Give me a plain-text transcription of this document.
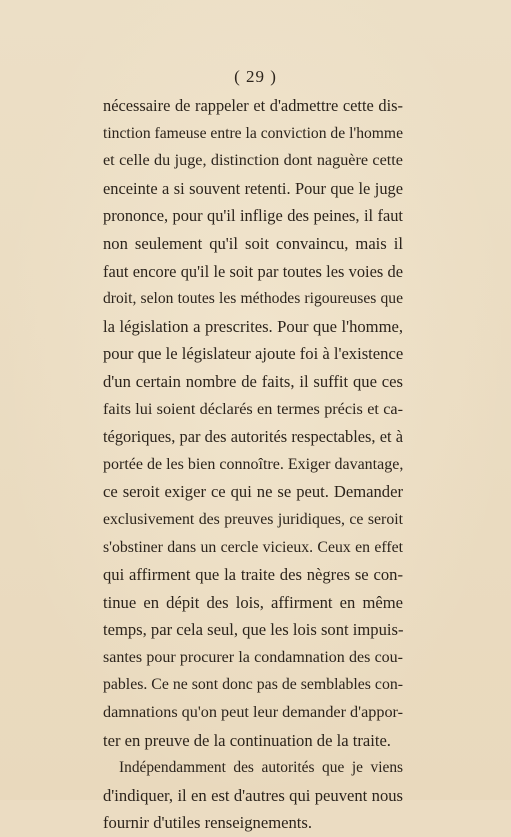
( 29 )
nécessaire de rappeler et d'admettre cette dis-
tinction fameuse entre la conviction de l'homme
et celle du juge, distinction dont naguère cette
enceinte a si souvent retenti. Pour que le juge
prononce, pour qu'il inflige des peines, il faut
non seulement qu'il soit convaincu, mais il
faut encore qu'il le soit par toutes les voies de
droit, selon toutes les méthodes rigoureuses que
la législation a prescrites. Pour que l'homme,
pour que le législateur ajoute foi à l'existence
d'un certain nombre de faits, il suffit que ces
faits lui soient déclarés en termes précis et ca-
tégoriques, par des autorités respectables, et à
portée de les bien connoître. Exiger davantage,
ce seroit exiger ce qui ne se peut. Demander
exclusivement des preuves juridiques, ce seroit
s'obstiner dans un cercle vicieux. Ceux en effet
qui affirment que la traite des nègres se con-
tinue en dépit des lois, affirment en même
temps, par cela seul, que les lois sont impuis-
santes pour procurer la condamnation des cou-
pables. Ce ne sont donc pas de semblables con-
damnations qu'on peut leur demander d'appor-
ter en preuve de la continuation de la traite.
Indépendamment des autorités que je viens
d'indiquer, il en est d'autres qui peuvent nous
fournir d'utiles renseignements.
